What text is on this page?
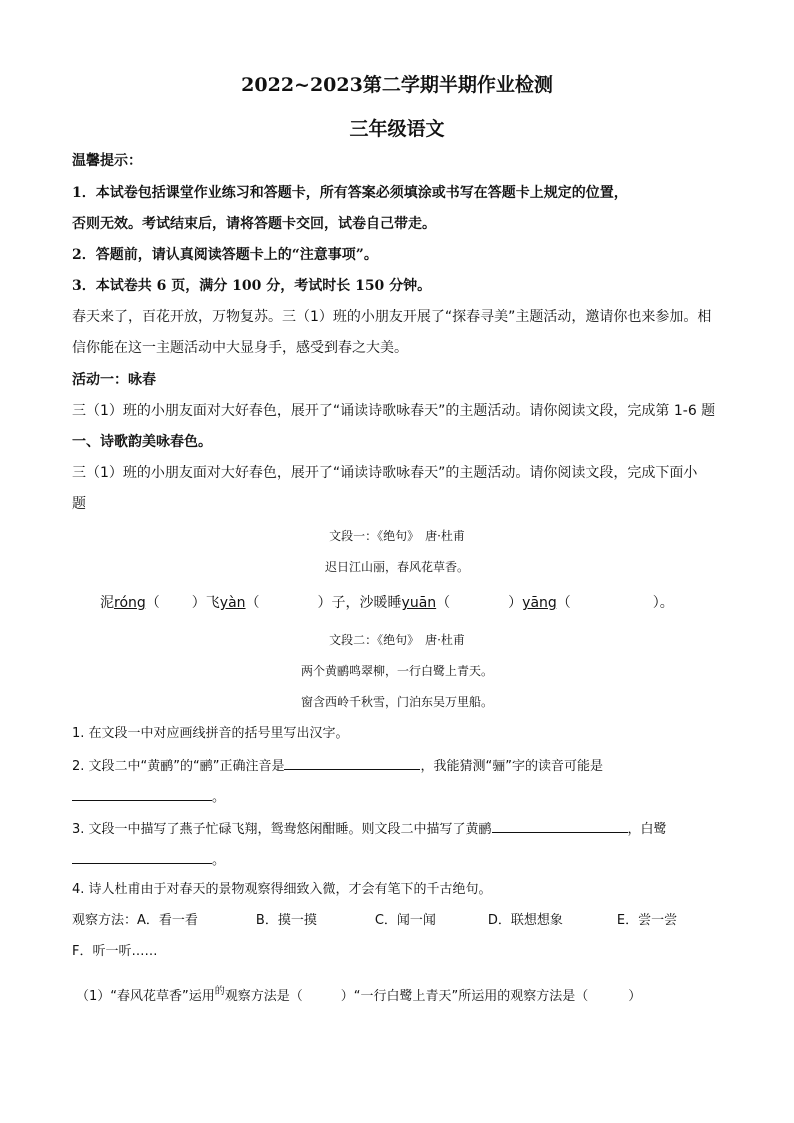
2022~2023第二学期半期作业检测
三年级语文
温馨提示：
1．本试卷包括课堂作业练习和答题卡，所有答案必须填涂或书写在答题卡上规定的位置，
否则无效。考试结束后，请将答题卡交回，试卷自己带走。
2．答题前，请认真阅读答题卡上的“注意事项”。
3．本试卷共 6 页，满分 100 分，考试时长 150 分钟。
春天来了，百花开放，万物复苏。三（1）班的小朋友开展了“探春寻美”主题活动，邀请你也来参加。相
信你能在这一主题活动中大显身手，感受到春之大美。
活动一：咏春
三（1）班的小朋友面对大好春色，展开了“诵读诗歌咏春天”的主题活动。请你阅读文段，完成第 1-6 题
一、诗歌韵美咏春色。
三（1）班的小朋友面对大好春色，展开了“诵读诗歌咏春天”的主题活动。请你阅读文段，完成下面小
题
文段一：《绝句》　唐·杜甫
迟日江山丽，春风花草香。
泥róng（ ）飞yàn（	）子，沙暖睡yuān（	）yāng（	）。
文段二：《绝句》　唐·杜甫
两个黄鹂鸣翠柳，一行白鹭上青天。
窗含西岭千秋雪，门泊东吴万里船。
1. 在文段一中对应画线拼音的括号里写出汉字。
2. 文段二中“黄鹂”的“鹂”正确注音是	，我能猜测“骊”字的读音可能是
。
3. 文段一中描写了燕子忙碌飞翔，鸳鸯悠闲酣睡。则文段二中描写了黄鹂	，白鹭
。
4. 诗人杜甫由于对春天的景物观察得细致入微，才会有笔下的千古绝句。
观察方法：A．看一看	B．摸一摸	C．闻一闻	D．联想想象	E．尝一尝
F．听一听……
（1）“春风花草香”运用$^的$观察方法是（	）“一行白鹭上青天”所运用的观察方法是（	）
